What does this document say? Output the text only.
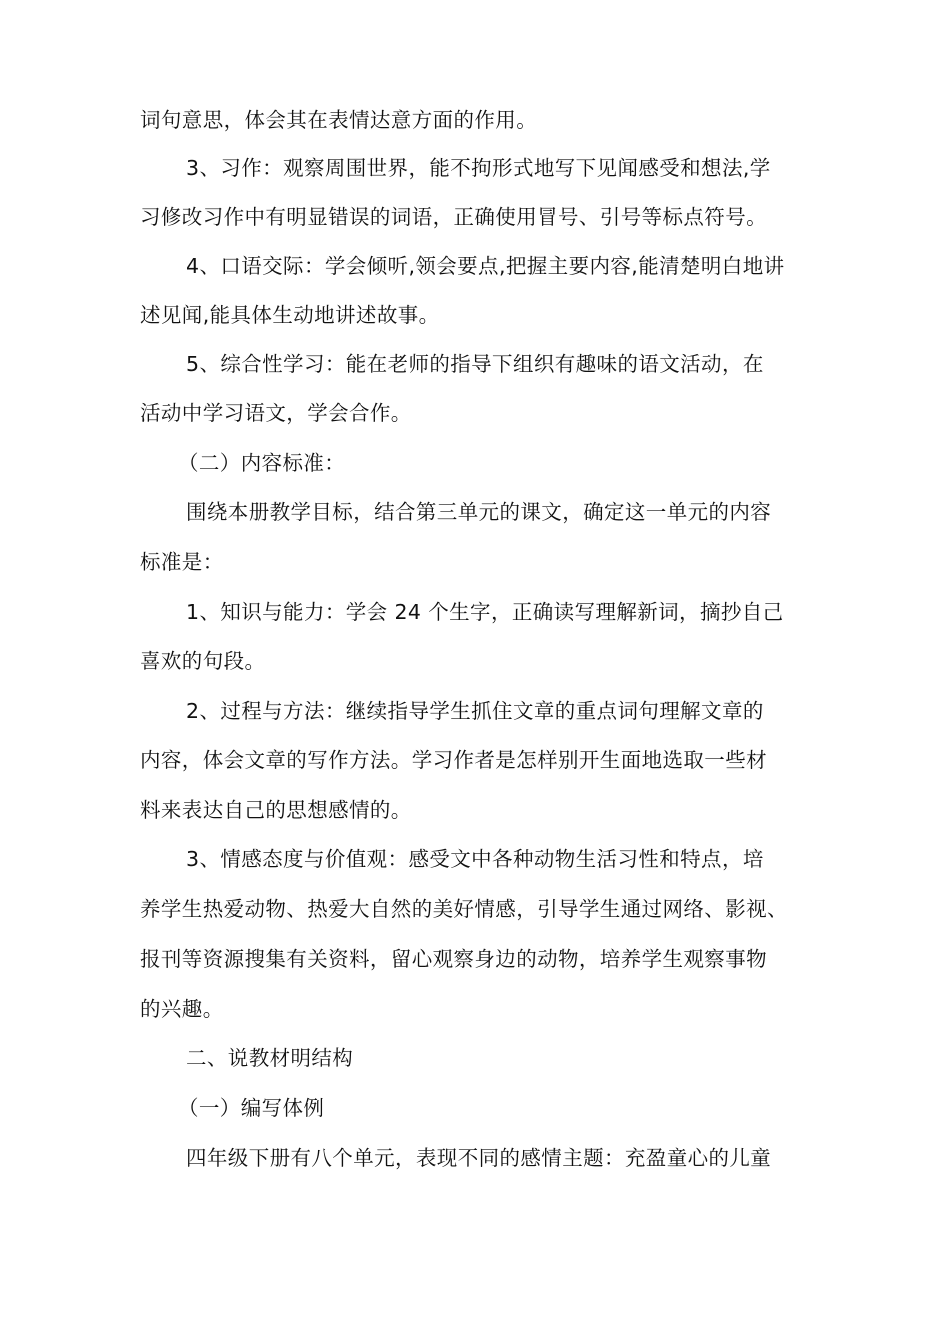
词句意思，体会其在表情达意方面的作用。
3、习作：观察周围世界，能不拘形式地写下见闻感受和想法,学
习修改习作中有明显错误的词语，正确使用冒号、引号等标点符号。
4、口语交际：学会倾听,领会要点,把握主要内容,能清楚明白地讲
述见闻,能具体生动地讲述故事。
5、综合性学习：能在老师的指导下组织有趣味的语文活动，在
活动中学习语文，学会合作。
（二）内容标准：
围绕本册教学目标，结合第三单元的课文，确定这一单元的内容
标准是：
1、知识与能力：学会 24 个生字，正确读写理解新词，摘抄自己
喜欢的句段。
2、过程与方法：继续指导学生抓住文章的重点词句理解文章的
内容，体会文章的写作方法。学习作者是怎样别开生面地选取一些材
料来表达自己的思想感情的。
3、情感态度与价值观：感受文中各种动物生活习性和特点，培
养学生热爱动物、热爱大自然的美好情感，引导学生通过网络、影视、
报刊等资源搜集有关资料，留心观察身边的动物，培养学生观察事物
的兴趣。
二、说教材明结构
（一）编写体例
四年级下册有八个单元，表现不同的感情主题：充盈童心的儿童
